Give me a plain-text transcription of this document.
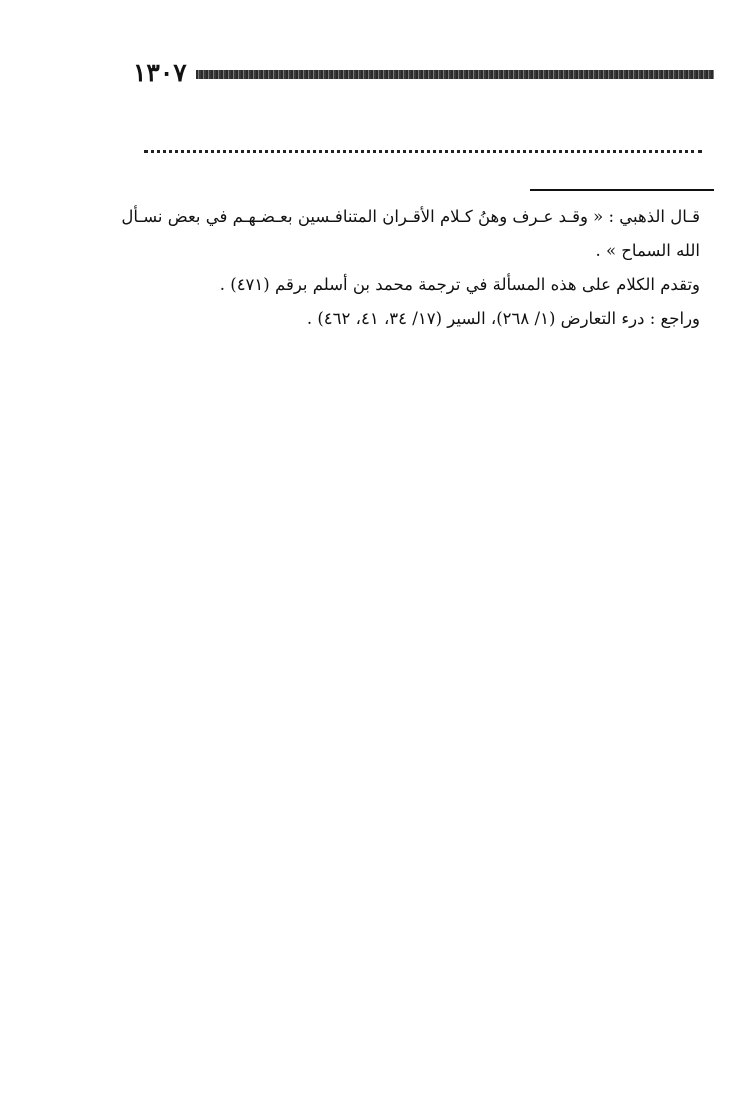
١٣٠٧

قـال الذهبي : « وقـد عـرف وهنُ كـلام الأقـران المتنافـسين بعـضـهـم في بعض نسـأل الله السماح » .

وتقدم الكلام على هذه المسألة في ترجمة محمد بن أسلم برقم (٤٧١) .

وراجع : درء التعارض (١/ ٢٦٨)، السير (١٧/ ٣٤، ٤١، ٤٦٢) .
